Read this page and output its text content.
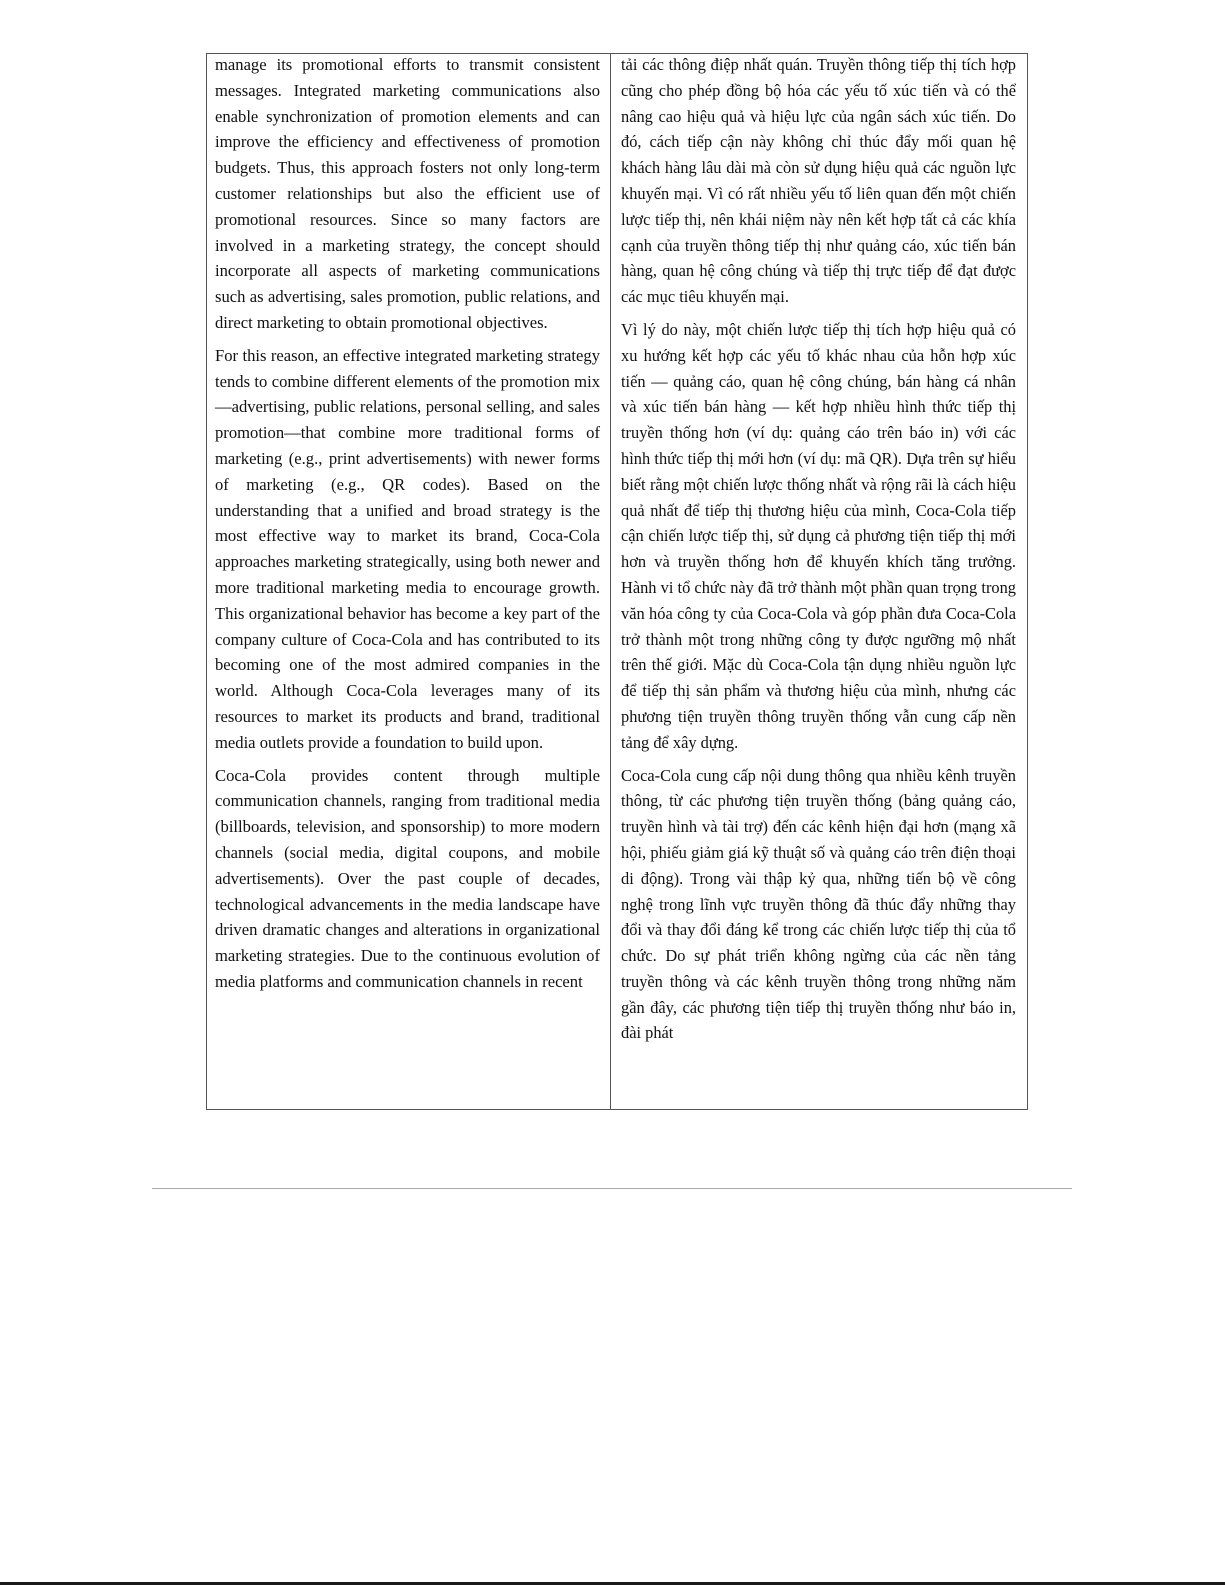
manage its promotional efforts to transmit consistent messages. Integrated marketing communications also enable synchronization of promotion elements and can improve the efficiency and effectiveness of promotion budgets. Thus, this approach fosters not only long-term customer relationships but also the efficient use of promotional resources. Since so many factors are involved in a marketing strategy, the concept should incorporate all aspects of marketing communications such as advertising, sales promotion, public relations, and direct marketing to obtain promotional objectives.

For this reason, an effective integrated marketing strategy tends to combine different elements of the promotion mix—advertising, public relations, personal selling, and sales promotion—that combine more traditional forms of marketing (e.g., print advertisements) with newer forms of marketing (e.g., QR codes). Based on the understanding that a unified and broad strategy is the most effective way to market its brand, Coca-Cola approaches marketing strategically, using both newer and more traditional marketing media to encourage growth. This organizational behavior has become a key part of the company culture of Coca-Cola and has contributed to its becoming one of the most admired companies in the world. Although Coca-Cola leverages many of its resources to market its products and brand, traditional media outlets provide a foundation to build upon.

Coca-Cola provides content through multiple communication channels, ranging from traditional media (billboards, television, and sponsorship) to more modern channels (social media, digital coupons, and mobile advertisements). Over the past couple of decades, technological advancements in the media landscape have driven dramatic changes and alterations in organizational marketing strategies. Due to the continuous evolution of media platforms and communication channels in recent

tải các thông điệp nhất quán. Truyền thông tiếp thị tích hợp cũng cho phép đồng bộ hóa các yếu tố xúc tiến và có thể nâng cao hiệu quả và hiệu lực của ngân sách xúc tiến. Do đó, cách tiếp cận này không chỉ thúc đẩy mối quan hệ khách hàng lâu dài mà còn sử dụng hiệu quả các nguồn lực khuyến mại. Vì có rất nhiều yếu tố liên quan đến một chiến lược tiếp thị, nên khái niệm này nên kết hợp tất cả các khía cạnh của truyền thông tiếp thị như quảng cáo, xúc tiến bán hàng, quan hệ công chúng và tiếp thị trực tiếp để đạt được các mục tiêu khuyến mại.

Vì lý do này, một chiến lược tiếp thị tích hợp hiệu quả có xu hướng kết hợp các yếu tố khác nhau của hỗn hợp xúc tiến — quảng cáo, quan hệ công chúng, bán hàng cá nhân và xúc tiến bán hàng — kết hợp nhiều hình thức tiếp thị truyền thống hơn (ví dụ: quảng cáo trên báo in) với các hình thức tiếp thị mới hơn (ví dụ: mã QR). Dựa trên sự hiểu biết rằng một chiến lược thống nhất và rộng rãi là cách hiệu quả nhất để tiếp thị thương hiệu của mình, Coca-Cola tiếp cận chiến lược tiếp thị, sử dụng cả phương tiện tiếp thị mới hơn và truyền thống hơn để khuyến khích tăng trưởng. Hành vi tổ chức này đã trở thành một phần quan trọng trong văn hóa công ty của Coca-Cola và góp phần đưa Coca-Cola trở thành một trong những công ty được ngưỡng mộ nhất trên thế giới. Mặc dù Coca-Cola tận dụng nhiều nguồn lực để tiếp thị sản phẩm và thương hiệu của mình, nhưng các phương tiện truyền thông truyền thống vẫn cung cấp nền tảng để xây dựng.

Coca-Cola cung cấp nội dung thông qua nhiều kênh truyền thông, từ các phương tiện truyền thống (bảng quảng cáo, truyền hình và tài trợ) đến các kênh hiện đại hơn (mạng xã hội, phiếu giảm giá kỹ thuật số và quảng cáo trên điện thoại di động). Trong vài thập kỷ qua, những tiến bộ về công nghệ trong lĩnh vực truyền thông đã thúc đẩy những thay đổi và thay đổi đáng kể trong các chiến lược tiếp thị của tổ chức. Do sự phát triển không ngừng của các nền tảng truyền thông và các kênh truyền thông trong những năm gần đây, các phương tiện tiếp thị truyền thống như báo in, đài phát
